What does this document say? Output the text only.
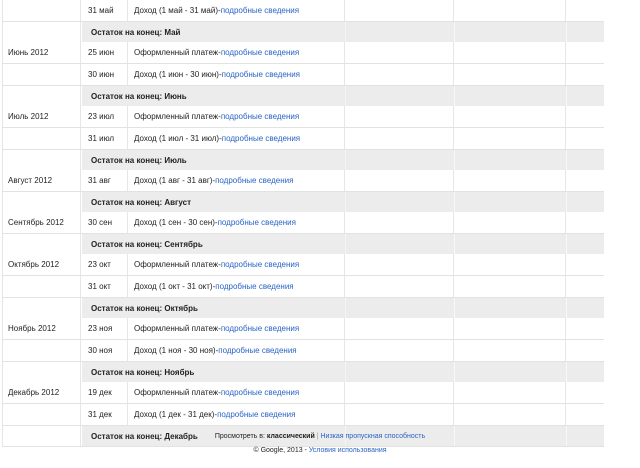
31 май	Доход (1 май - 31 май) - подробные сведения
Остаток на конец: Май
Июнь 2012	25 июн Оформленный платеж - подробные сведения
30 июн Доход (1 июн - 30 июн) - подробные сведения
Остаток на конец: Июнь
Июль 2012	23 июл Оформленный платеж - подробные сведения
31 июл Доход (1 июл - 31 июл) - подробные сведения
Остаток на конец: Июль
Август 2012	31 авг	Доход (1 авг - 31 авг) - подробные сведения
Остаток на конец: Август
Сентябрь 2012	30 сен	Доход (1 сен - 30 сен) - подробные сведения
Остаток на конец: Сентябрь
Октябрь 2012	23 окт	Оформленный платеж - подробные сведения
31 окт	Доход (1 окт - 31 окт) - подробные сведения
Остаток на конец: Октябрь
Ноябрь 2012	23 ноя	Оформленный платеж - подробные сведения
30 ноя	Доход (1 ноя - 30 ноя) - подробные сведения
Остаток на конец: Ноябрь
Декабрь 2012	19 дек	Оформленный платеж - подробные сведения
31 дек	Доход (1 дек - 31 дек) - подробные сведения
Остаток на конец: Декабрь	Просмотреть в: классический | Низкая пропускная способность
© Google, 2013 - Условия использования
